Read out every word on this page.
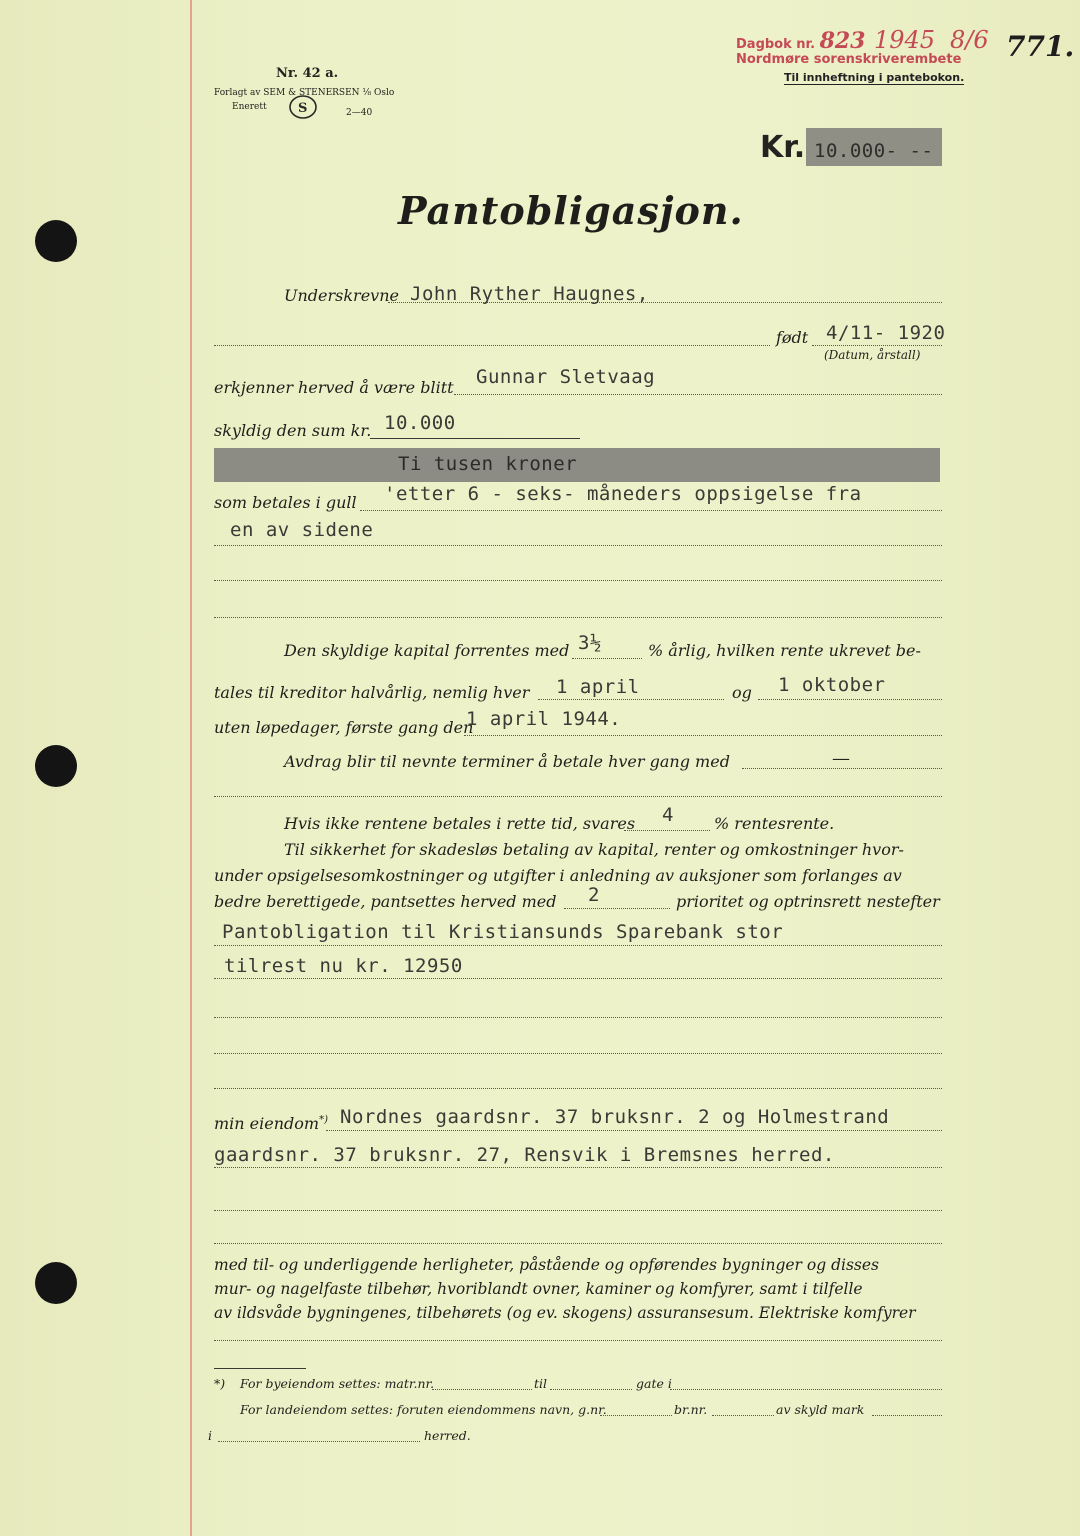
Nr. 42 a.
Forlagt av SEM & STENERSEN ⅛ Oslo
Enerett S	2—40
Dagbok nr. 823 1945 8/6
Nordmøre sorenskriverembete
Til innheftning i pantebokon.
771.
Kr. 10.000- --
Pantobligasjon.
Underskrevne John Ryther Haugnes,
født 4/11- 1920
(Datum, årstall)
erkjenner herved å være blitt Gunnar Sletvaag
skyldig den sum kr. 10.000
Ti tusen kroner
som betales i gull 'etter 6 - seks- måneders oppsigelse fra
en av sidene
Den skyldige kapital forrentes med 3½	% årlig, hvilken rente ukrevet be-
tales til kreditor halvårlig, nemlig hver 1 april	og 1 oktober
uten løpedager, første gang den
1 april 1944.
Avdrag blir til nevnte terminer å betale hver gang med	—
Hvis ikke rentene betales i rette tid, svares 4	% rentesrente.
Til sikkerhet for skadesløs betaling av kapital, renter og omkostninger hvor-
under opsigelsesomkostninger og utgifter i anledning av auksjoner som forlanges av
bedre berettigede, pantsettes herved med 2	prioritet og optrinsrett nestefter
Pantobligation til Kristiansunds Sparebank stor
tilrest nu kr. 12950
min eiendom*) Nordnes gaardsnr. 37 bruksnr. 2 og Holmestrand
gaardsnr. 37 bruksnr. 27, Rensvik i Bremsnes herred.
med til- og underliggende herligheter, påstående og opførendes bygninger og disses
mur- og nagelfaste tilbehør, hvoriblandt ovner, kaminer og komfyrer, samt i tilfelle
av ildsvåde bygningenes, tilbehørets (og ev. skogens) assuransesum. Elektriske komfyrer
*) For byeiendom settes: matr.nr.	til	gate i
For landeiendom settes: foruten eiendommens navn, g.nr.	br.nr.	av skyld mark
i	herred.
